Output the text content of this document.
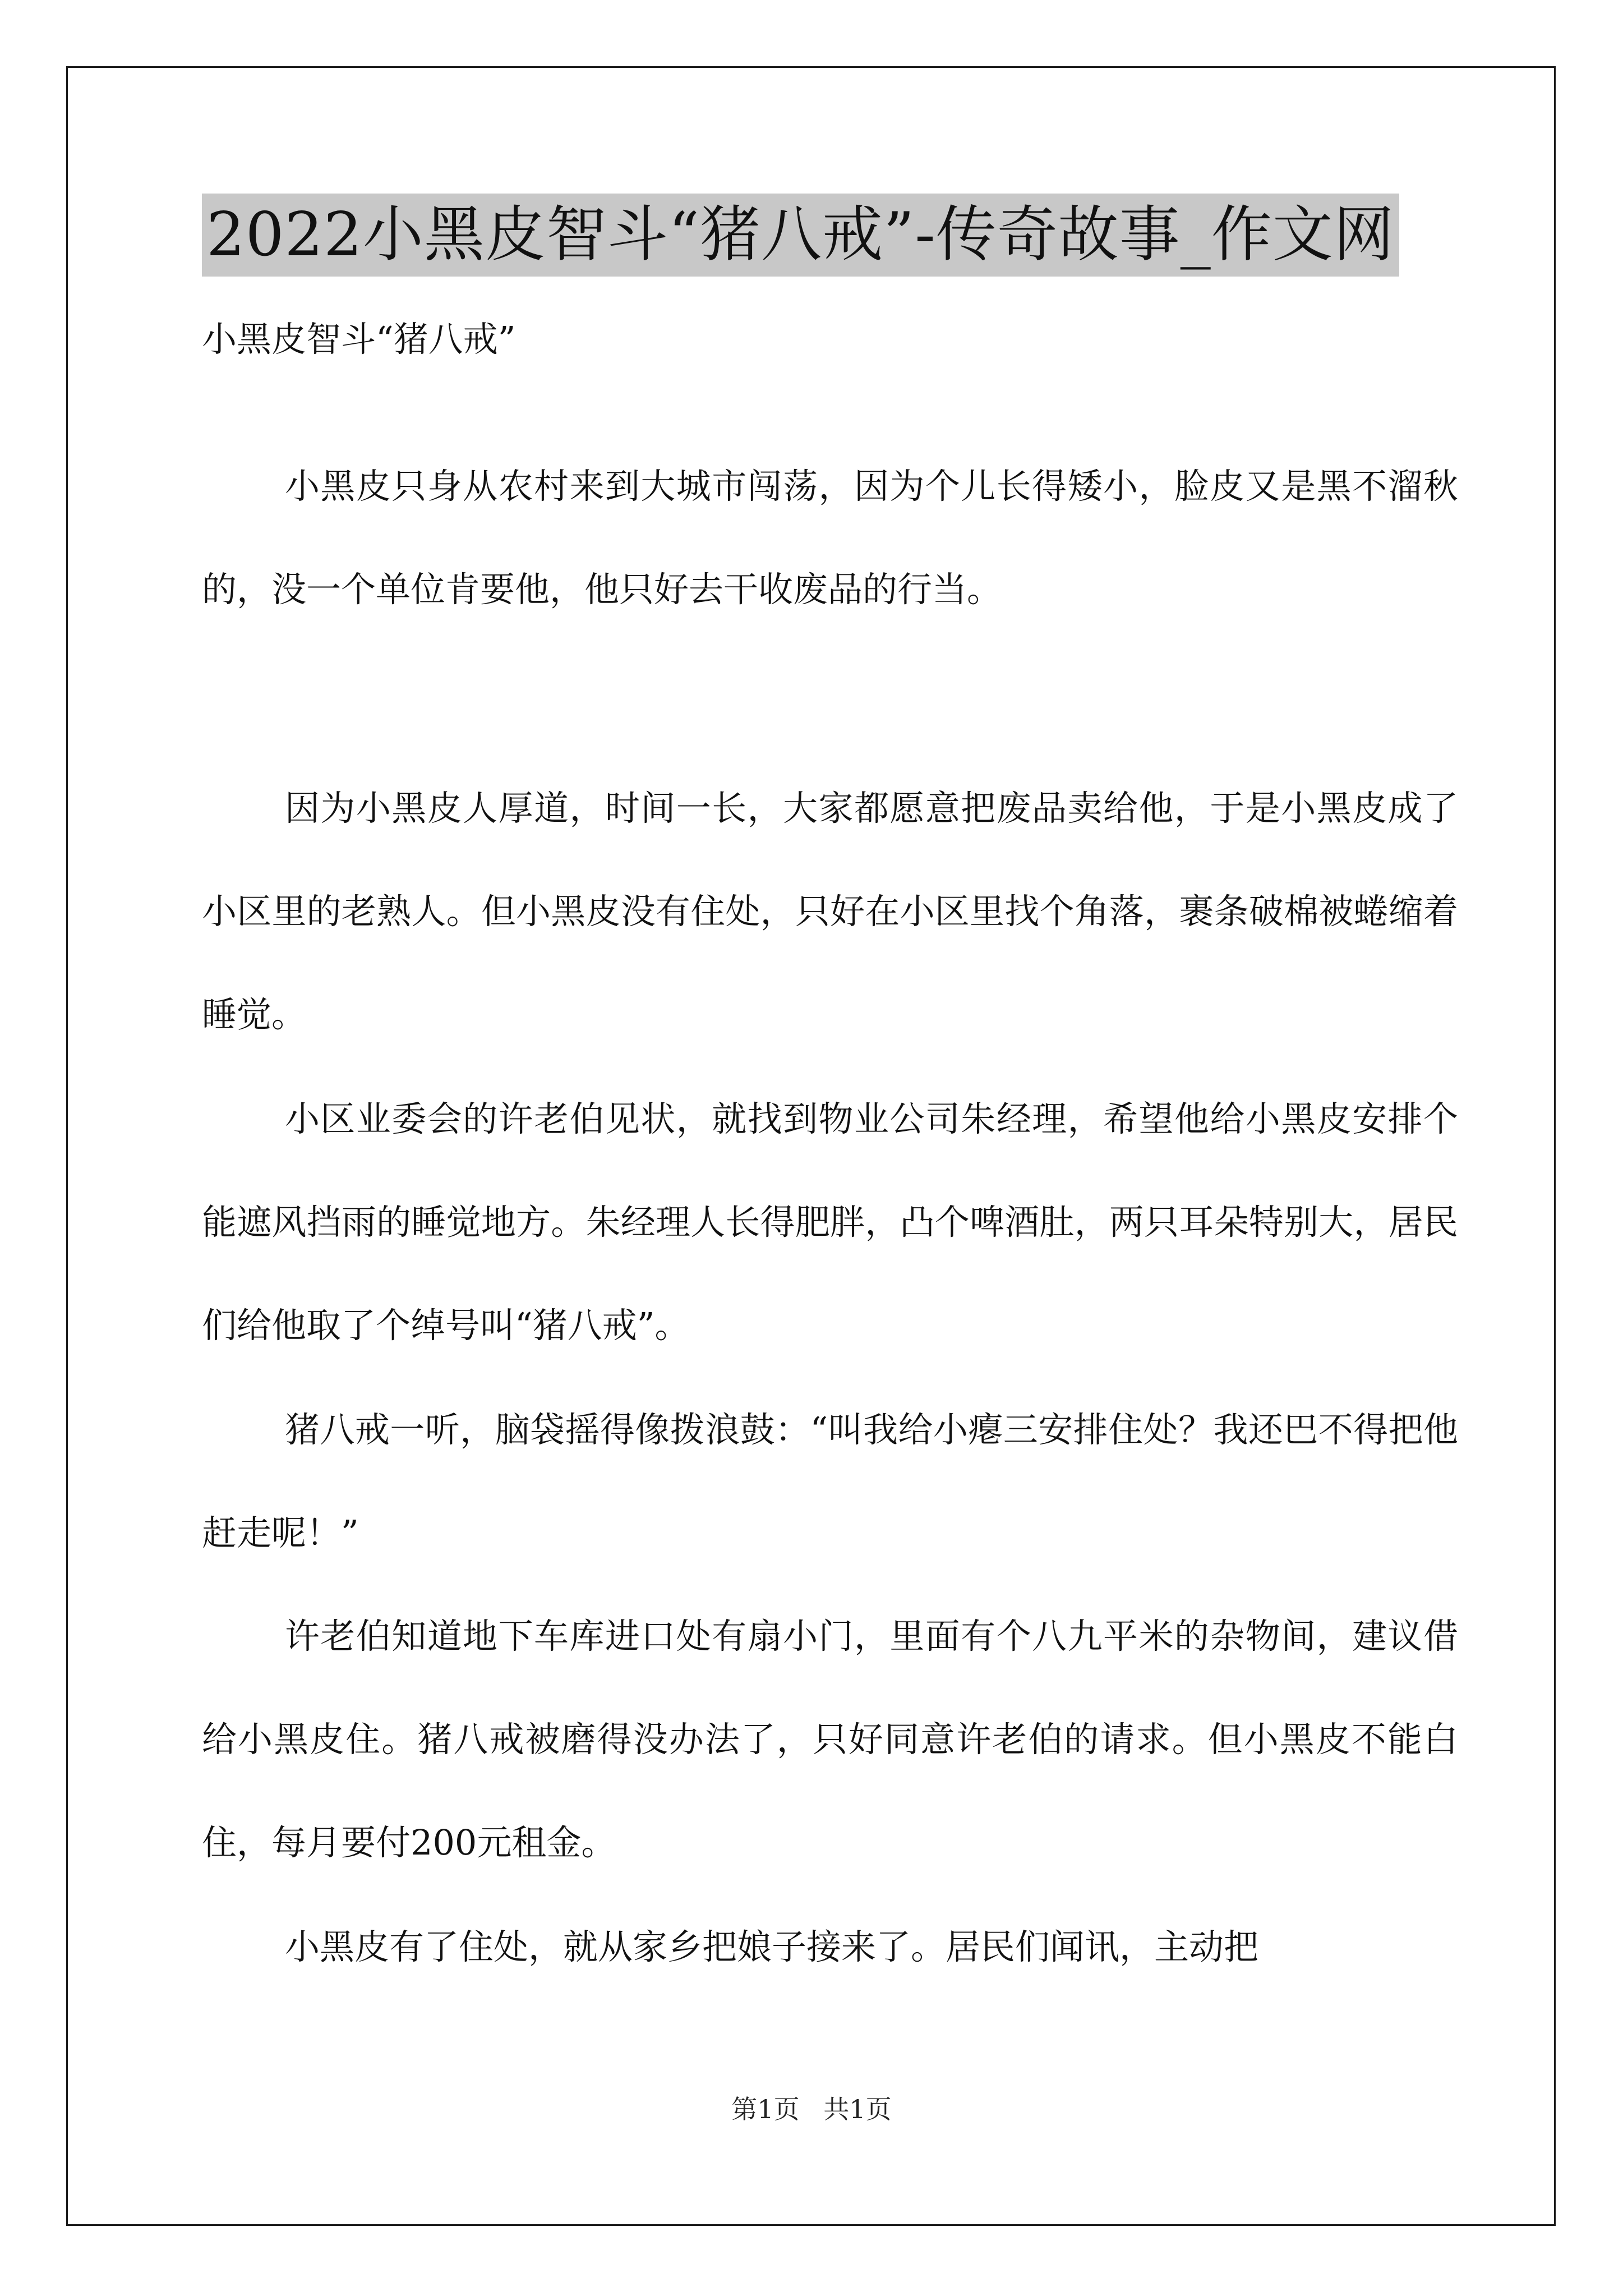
2022小黑皮智斗“猪八戒”-传奇故事_作文网
小黑皮智斗“猪八戒”

小黑皮只身从农村来到大城市闯荡，因为个儿长得矮小，脸皮又是黑不溜秋的，没一个单位肯要他，他只好去干收废品的行当。

因为小黑皮人厚道，时间一长，大家都愿意把废品卖给他，于是小黑皮成了小区里的老熟人。但小黑皮没有住处，只好在小区里找个角落，裹条破棉被蜷缩着睡觉。

小区业委会的许老伯见状，就找到物业公司朱经理，希望他给小黑皮安排个能遮风挡雨的睡觉地方。朱经理人长得肥胖，凸个啤酒肚，两只耳朵特别大，居民们给他取了个绰号叫“猪八戒”。

猪八戒一听，脑袋摇得像拨浪鼓：“叫我给小瘪三安排住处？我还巴不得把他赶走呢！”

许老伯知道地下车库进口处有扇小门，里面有个八九平米的杂物间，建议借给小黑皮住。猪八戒被磨得没办法了，只好同意许老伯的请求。但小黑皮不能白住，每月要付200元租金。

小黑皮有了住处，就从家乡把娘子接来了。居民们闻讯，主动把

第1页 共1页
